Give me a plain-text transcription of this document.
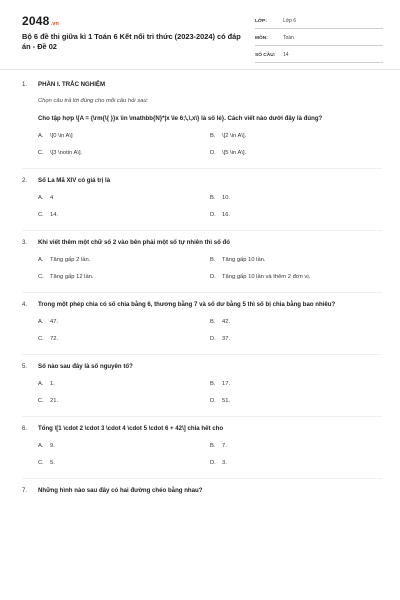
2048.vn
Bộ 6 đề thi giữa kì 1 Toán 6 Kết nối tri thức (2023-2024) có đáp án - Đề 02
LỚP:	Lớp 6
MÔN:	Toán
SỐ CÂU:	14
1. PHẦN I. TRẮC NGHIỆM
Chọn câu trả lời đúng cho mỗi câu hỏi sau:
Cho tập hợp \[A = {\rm{\{ }}x \in \mathbb{N}*|x \le 6;\,\,x\} là số lẻ}. Cách viết nào dưới đây là đúng?
A.	\[0 \in A\]	B.	\[2 \in A\].
C.	\[3 \notin A\].	D.	\[5 \in A\].
2. Số La Mã XIV có giá trị là
A.	4	B.	10.
C.	14.	D.	16.
3. Khi viết thêm một chữ số 2 vào bên phải một số tự nhiên thì số đó
A.	Tăng gấp 2 lần.	B.	Tăng gấp 10 lần.
C.	Tăng gấp 12 lần.	D.	Tăng gấp 10 lần và thêm 2 đơn vị.
4. Trong một phép chia có số chia bằng 6, thương bằng 7 và số dư bằng 5 thì số bị chia bằng bao nhiêu?
A.	47.	B.	42.
C.	72.	D.	37.
5. Số nào sau đây là số nguyên tố?
A.	1.	B.	17.
C.	21.	D.	51.
6. Tổng \[1 \cdot 2 \cdot 3 \cdot 4 \cdot 5 \cdot 6 + 42\] chia hết cho
A.	9.	B.	7.
C.	5.	D.	3.
7. Những hình nào sau đây có hai đường chéo bằng nhau?
